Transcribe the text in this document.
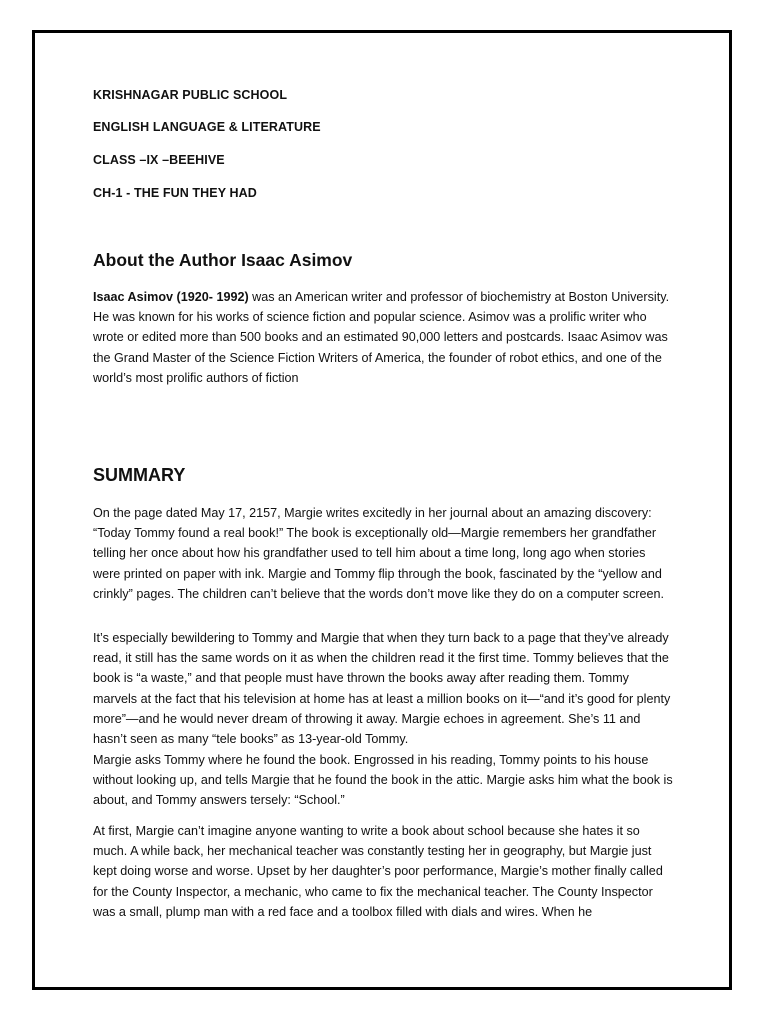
KRISHNAGAR PUBLIC SCHOOL
ENGLISH LANGUAGE & LITERATURE
CLASS –IX –BEEHIVE
CH-1 - THE FUN THEY HAD
About the Author Isaac Asimov

Isaac Asimov (1920- 1992) was an American writer and professor of biochemistry at Boston University. He was known for his works of science fiction and popular science. Asimov was a prolific writer who wrote or edited more than 500 books and an estimated 90,000 letters and postcards. Isaac Asimov was the Grand Master of the Science Fiction Writers of America, the founder of robot ethics, and one of the world’s most prolific authors of fiction

SUMMARY

On the page dated May 17, 2157, Margie writes excitedly in her journal about an amazing discovery: “Today Tommy found a real book!” The book is exceptionally old—Margie remembers her grandfather telling her once about how his grandfather used to tell him about a time long, long ago when stories were printed on paper with ink. Margie and Tommy flip through the book, fascinated by the “yellow and crinkly” pages. The children can’t believe that the words don’t move like they do on a computer screen.

It’s especially bewildering to Tommy and Margie that when they turn back to a page that they’ve already read, it still has the same words on it as when the children read it the first time. Tommy believes that the book is “a waste,” and that people must have thrown the books away after reading them. Tommy marvels at the fact that his television at home has at least a million books on it—“and it’s good for plenty more”—and he would never dream of throwing it away. Margie echoes in agreement. She’s 11 and hasn’t seen as many “tele books” as 13-year-old Tommy.

Margie asks Tommy where he found the book. Engrossed in his reading, Tommy points to his house without looking up, and tells Margie that he found the book in the attic. Margie asks him what the book is about, and Tommy answers tersely: “School.”

At first, Margie can’t imagine anyone wanting to write a book about school because she hates it so much. A while back, her mechanical teacher was constantly testing her in geography, but Margie just kept doing worse and worse. Upset by her daughter’s poor performance, Margie’s mother finally called for the County Inspector, a mechanic, who came to fix the mechanical teacher. The County Inspector was a small, plump man with a red face and a toolbox filled with dials and wires. When he
